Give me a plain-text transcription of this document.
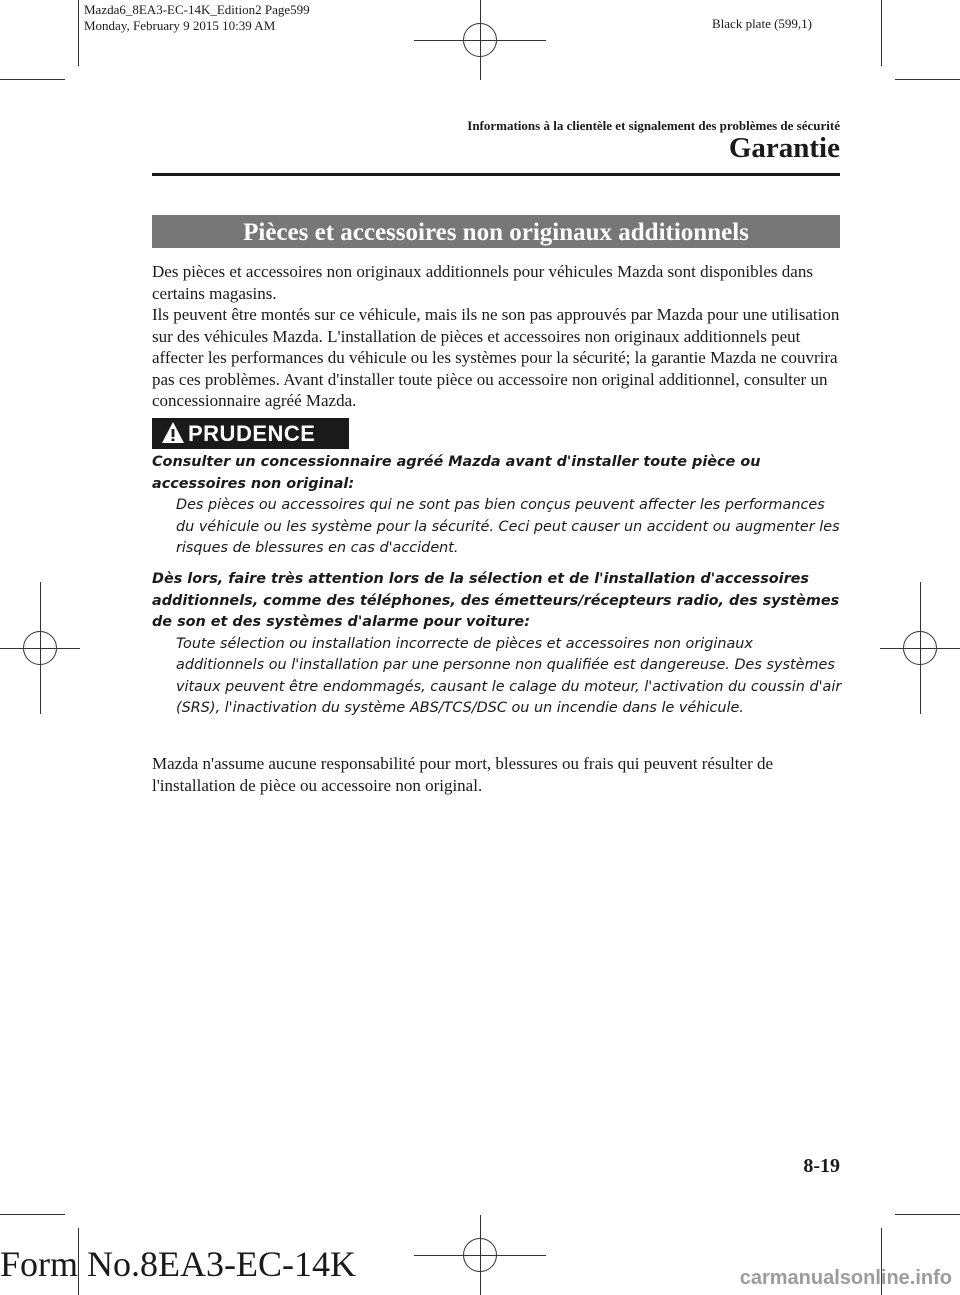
Mazda6_8EA3-EC-14K_Edition2 Page599
Monday, February 9 2015 10:39 AM	Black plate (599,1)
Informations à la clientèle et signalement des problèmes de sécurité
Garantie
Pièces et accessoires non originaux additionnels
Des pièces et accessoires non originaux additionnels pour véhicules Mazda sont disponibles dans certains magasins.
Ils peuvent être montés sur ce véhicule, mais ils ne son pas approuvés par Mazda pour une utilisation sur des véhicules Mazda. L'installation de pièces et accessoires non originaux additionnels peut affecter les performances du véhicule ou les systèmes pour la sécurité; la garantie Mazda ne couvrira pas ces problèmes. Avant d'installer toute pièce ou accessoire non original additionnel, consulter un concessionnaire agréé Mazda.
PRUDENCE
Consulter un concessionnaire agréé Mazda avant d'installer toute pièce ou accessoires non original:
Des pièces ou accessoires qui ne sont pas bien conçus peuvent affecter les performances du véhicule ou les système pour la sécurité. Ceci peut causer un accident ou augmenter les risques de blessures en cas d'accident.
Dès lors, faire très attention lors de la sélection et de l'installation d'accessoires additionnels, comme des téléphones, des émetteurs/récepteurs radio, des systèmes de son et des systèmes d'alarme pour voiture:
Toute sélection ou installation incorrecte de pièces et accessoires non originaux additionnels ou l'installation par une personne non qualifiée est dangereuse. Des systèmes vitaux peuvent être endommagés, causant le calage du moteur, l'activation du coussin d'air (SRS), l'inactivation du système ABS/TCS/DSC ou un incendie dans le véhicule.
Mazda n'assume aucune responsabilité pour mort, blessures ou frais qui peuvent résulter de l'installation de pièce ou accessoire non original.
8-19
Form No.8EA3-EC-14K	carmanualsonline.info
